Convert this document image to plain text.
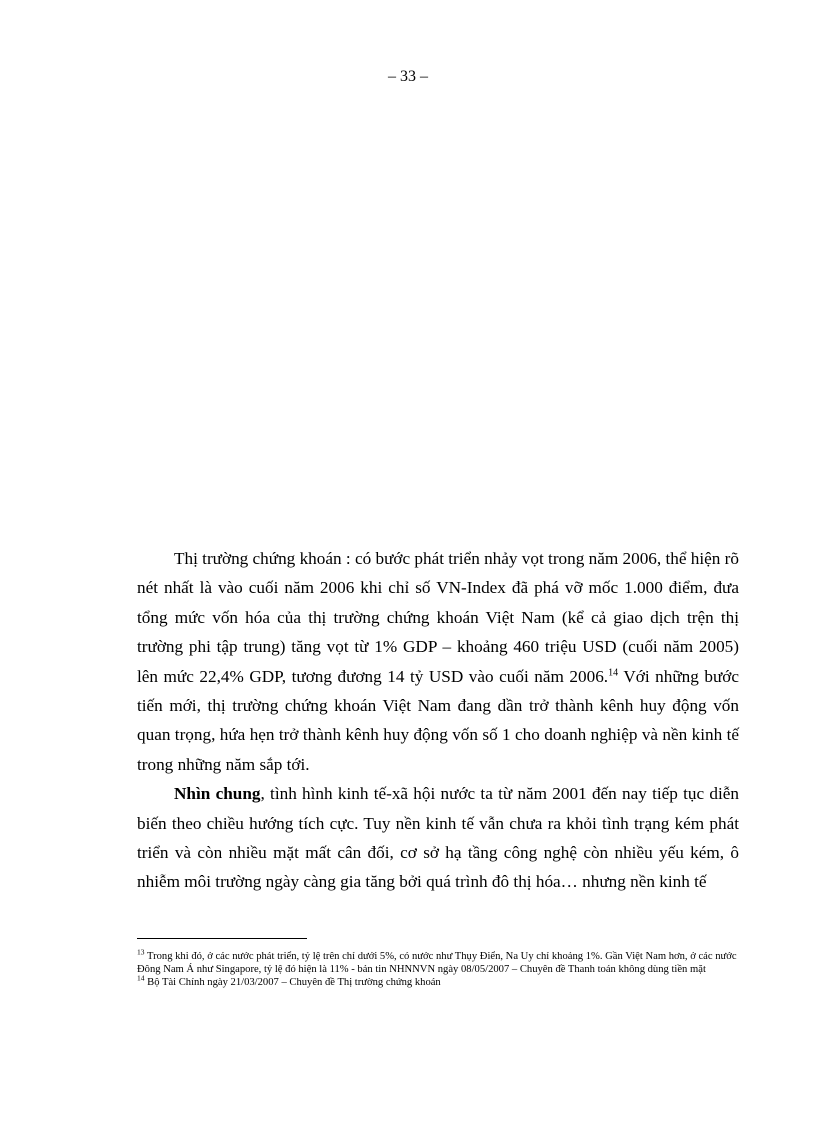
– 33 –

Thị trường chứng khoán : có bước phát triển nhảy vọt trong năm 2006, thể hiện rõ nét nhất là vào cuối năm 2006 khi chỉ số VN-Index đã phá vỡ mốc 1.000 điểm, đưa tổng mức vốn hóa của thị trường chứng khoán Việt Nam (kể cả giao dịch trện thị trường phi tập trung) tăng vọt từ 1% GDP – khoảng 460 triệu USD (cuối năm 2005) lên mức 22,4% GDP, tương đương 14 tỷ USD vào cuối năm 2006.14 Với những bước tiến mới, thị trường chứng khoán Việt Nam đang dần trở thành kênh huy động vốn quan trọng, hứa hẹn trở thành kênh huy động vốn số 1 cho doanh nghiệp và nền kinh tế trong những năm sắp tới.

Nhìn chung, tình hình kinh tế-xã hội nước ta từ năm 2001 đến nay tiếp tục diễn biến theo chiều hướng tích cực. Tuy nền kinh tế vẫn chưa ra khỏi tình trạng kém phát triển và còn nhiều mặt mất cân đối, cơ sở hạ tầng công nghệ còn nhiều yếu kém, ô nhiễm môi trường ngày càng gia tăng bởi quá trình đô thị hóa… nhưng nền kinh tế

$^{13}$ Trong khi đó, ở các nước phát triển, tỷ lệ trên chỉ dưới 5%, có nước như Thụy Điển, Na Uy chỉ khoảng 1%. Gần Việt Nam hơn, ở các nước Đông Nam Á như Singapore, tỷ lệ đó hiện là 11% - bản tin NHNNVN ngày 08/05/2007 – Chuyên đề Thanh toán không dùng tiền mặt

$^{14}$ Bộ Tài Chính ngày 21/03/2007 – Chuyên đề Thị trường chứng khoán
